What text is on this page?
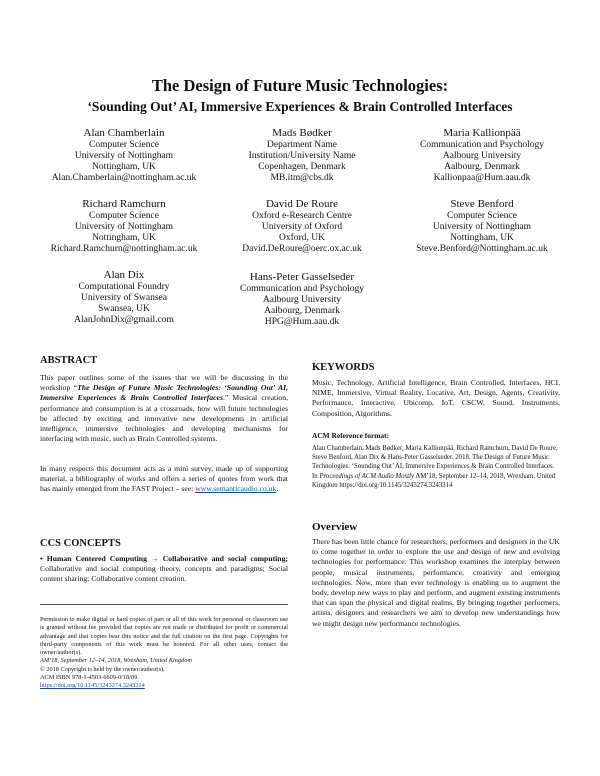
The Design of Future Music Technologies:
‘Sounding Out’ AI, Immersive Experiences & Brain Controlled Interfaces
Alan Chamberlain
Computer Science
University of Nottingham
Nottingham, UK
Alan.Chamberlain@nottingham.ac.uk
Mads Bødker
Department Name
Institution/University Name
Copenhagen, Denmark
MB.itm@cbs.dk
Maria Kallionpää
Communication and Psychology
Aalbourg University
Aalbourg, Denmark
Kallionpaa@Hum.aau.dk
Richard Ramchurn
Computer Science
University of Nottingham
Nottingham, UK
Richard.Ramchurn@nottingham.ac.uk
David De Roure
Oxford e-Research Centre
University of Oxford
Oxford, UK
David.DeRoure@oerc.ox.ac.uk
Steve Benford
Computer Science
University of Nottingham
Nottingham, UK
Steve.Benford@Nottingham.ac.uk
Alan Dix
Computational Foundry
University of Swansea
Swansea, UK
AlanJohnDix@gmail.com
Hans-Peter Gasselseder
Communication and Psychology
Aalbourg University
Aalbourg, Denmark
HPG@Hum.aau.dk
ABSTRACT
This paper outlines some of the issues that we will be discussing in the workshop “The Design of Future Music Technologies: ‘Sounding Out’ AI, Immersive Experiences & Brain Controlled Interfaces.” Musical creation, performance and consumption is at a crossroads, how will future technologies be affected by exciting and innovative new developments in artificial intelligence, immersive technologies and developing mechanisms for interfacing with music, such as Brain Controlled systems.
In many respects this document acts as a mini survey, made up of supporting material, a bibliography of works and offers a series of quotes from work that has mainly emerged from the FAST Project – see: www.semanticaudio.co.uk.
CCS CONCEPTS
• Human Centered Computing → Collaborative and social computing; Collaborative and social computing theory, concepts and paradigms; Social content sharing; Collaborative content creation.
Permission to make digital or hard copies of part or all of this work for personal or classroom use is granted without fee provided that copies are not made or distributed for profit or commercial advantage and that copies bear this notice and the full citation on the first page. Copyrights for third-party components of this work must be honored. For all other uses, contact the owner/author(s).
AM’18, September 12–14, 2018, Wrexham, United Kingdom
© 2018 Copyright is held by the owner/author(s).
ACM ISBN 978-1-4503-6609-0/18/09.
https://doi.org/10.1145/3243274.3243314
KEYWORDS
Music, Technology, Artificial Intelligence, Brain Controlled, Interfaces, HCI, NIME, Immersive, Virtual Reality, Locative, Art, Design, Agents, Creativity, Performance, Interactive, Ubicomp, IoT, CSCW, Sound, Instruments, Composition, Algorithms.
ACM Reference format:
Alan Chamberlain, Mads Bødker, Maria Kallionpää, Richard Ramchurn, David De Roure, Steve Benford, Alan Dix & Hans-Peter Gasselseder. 2018. The Design of Future Music Technologies: ‘Sounding Out’ AI, Immersive Experiences & Brain Controlled Interfaces. In Proceedings of ACM Audio Mostly AM’18, September 12–14, 2018, Wrexham, United Kingdom https://doi.org/10.1145/3243274.3243314
Overview
There has been little chance for researchers, performers and designers in the UK to come together in order to explore the use and design of new and evolving technologies for performance. This workshop examines the interplay between people, musical instruments, performance, creativity and emerging technologies. Now, more than ever technology is enabling us to augment the body, develop new ways to play and perform, and augment existing instruments that can span the physical and digital realms. By bringing together performers, artists, designers and researchers we aim to develop new understandings how we might design new performance technologies.
